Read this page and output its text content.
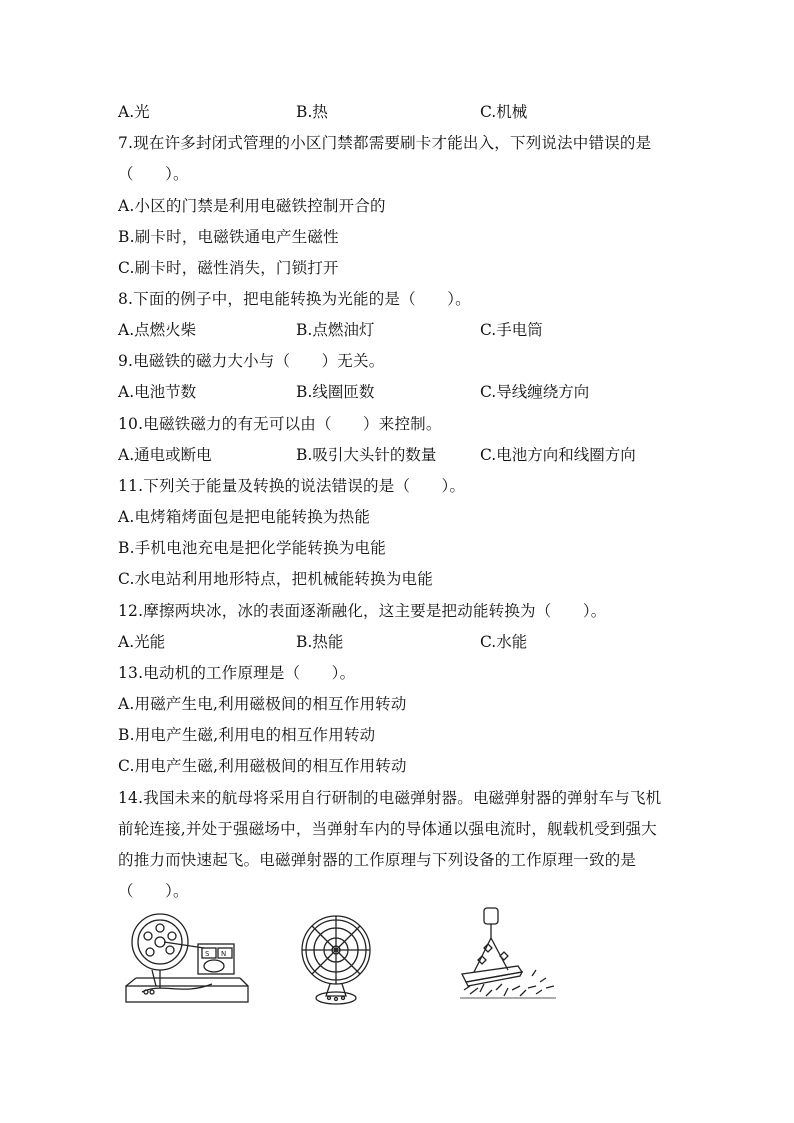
A.光	B.热	C.机械
7.现在许多封闭式管理的小区门禁都需要刷卡才能出入，下列说法中错误的是
（　　）。
A.小区的门禁是利用电磁铁控制开合的
B.刷卡时，电磁铁通电产生磁性
C.刷卡时，磁性消失，门锁打开
8.下面的例子中，把电能转换为光能的是（　　）。
A.点燃火柴	B.点燃油灯	C.手电筒
9.电磁铁的磁力大小与（　　）无关。
A.电池节数	B.线圈匝数	C.导线缠绕方向
10.电磁铁磁力的有无可以由（　　）来控制。
A.通电或断电	B.吸引大头针的数量	C.电池方向和线圈方向
11.下列关于能量及转换的说法错误的是（　　）。
A.电烤箱烤面包是把电能转换为热能
B.手机电池充电是把化学能转换为电能
C.水电站利用地形特点，把机械能转换为电能
12.摩擦两块冰，冰的表面逐渐融化，这主要是把动能转换为（　　）。
A.光能	B.热能	C.水能
13.电动机的工作原理是（　　）。
A.用磁产生电,利用磁极间的相互作用转动
B.用电产生磁,利用电的相互作用转动
C.用电产生磁,利用磁极间的相互作用转动
14.我国未来的航母将采用自行研制的电磁弹射器。电磁弹射器的弹射车与飞机
前轮连接,并处于强磁场中，当弹射车内的导体通以强电流时，舰载机受到强大
的推力而快速起飞。电磁弹射器的工作原理与下列设备的工作原理一致的是
（　　）。
S N
